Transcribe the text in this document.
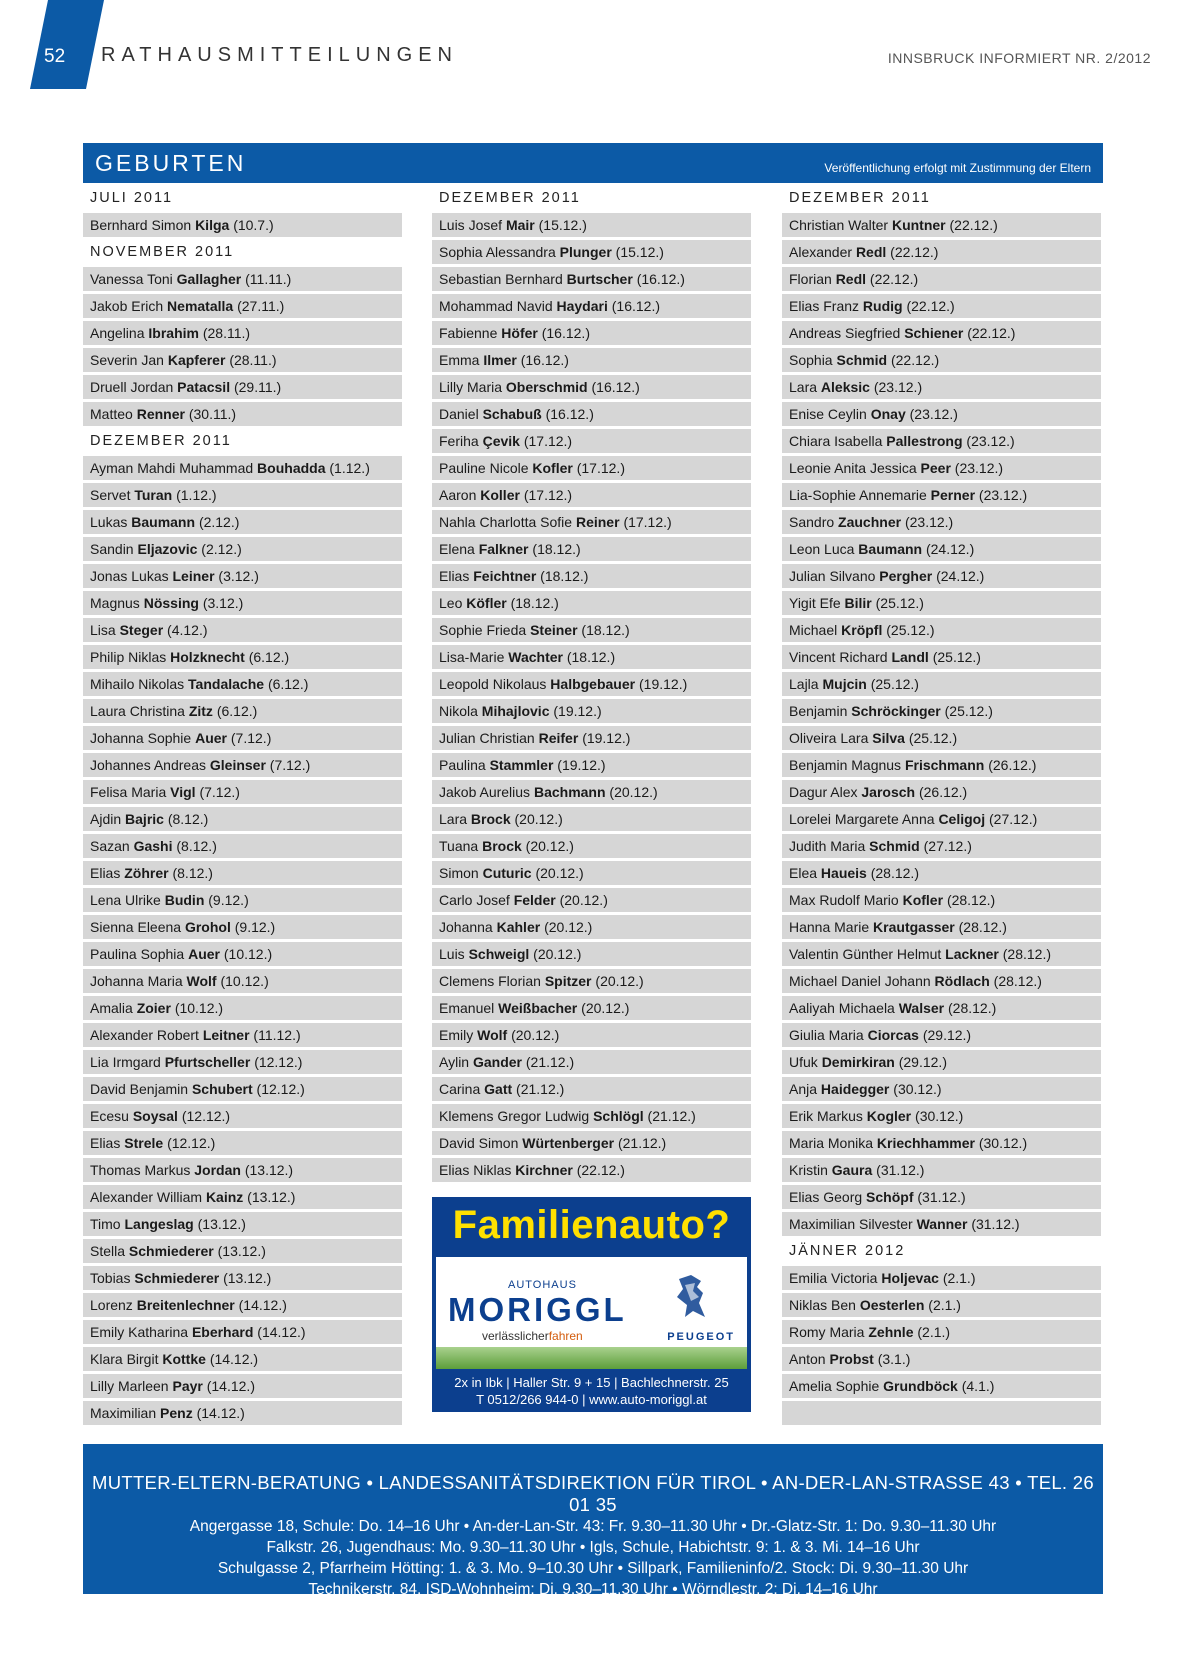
52 RATHAUSMITTEILUNGEN	INNSBRUCK INFORMIERT NR. 2/2012
GEBURTEN	Veröffentlichung erfolgt mit Zustimmung der Eltern
JULI 2011
Bernhard Simon Kilga (10.7.)
NOVEMBER 2011
Vanessa Toni Gallagher (11.11.)
Jakob Erich Nematalla (27.11.)
Angelina Ibrahim (28.11.)
Severin Jan Kapferer (28.11.)
Druell Jordan Patacsil (29.11.)
Matteo Renner (30.11.)
DEZEMBER 2011
Ayman Mahdi Muhammad Bouhadda (1.12.)
Servet Turan (1.12.)
Lukas Baumann (2.12.)
Sandin Eljazovic (2.12.)
Jonas Lukas Leiner (3.12.)
Magnus Nössing (3.12.)
Lisa Steger (4.12.)
Philip Niklas Holzknecht (6.12.)
Mihailo Nikolas Tandalache (6.12.)
Laura Christina Zitz (6.12.)
Johanna Sophie Auer (7.12.)
Johannes Andreas Gleinser (7.12.)
Felisa Maria Vigl (7.12.)
Ajdin Bajric (8.12.)
Sazan Gashi (8.12.)
Elias Zöhrer (8.12.)
Lena Ulrike Budin (9.12.)
Sienna Eleena Grohol (9.12.)
Paulina Sophia Auer (10.12.)
Johanna Maria Wolf (10.12.)
Amalia Zoier (10.12.)
Alexander Robert Leitner (11.12.)
Lia Irmgard Pfurtscheller (12.12.)
David Benjamin Schubert (12.12.)
Ecesu Soysal (12.12.)
Elias Strele (12.12.)
Thomas Markus Jordan (13.12.)
Alexander William Kainz (13.12.)
Timo Langeslag (13.12.)
Stella Schmiederer (13.12.)
Tobias Schmiederer (13.12.)
Lorenz Breitenlechner (14.12.)
Emily Katharina Eberhard (14.12.)
Klara Birgit Kottke (14.12.)
Lilly Marleen Payr (14.12.)
Maximilian Penz (14.12.)
DEZEMBER 2011
Luis Josef Mair (15.12.)
Sophia Alessandra Plunger (15.12.)
Sebastian Bernhard Burtscher (16.12.)
Mohammad Navid Haydari (16.12.)
Fabienne Höfer (16.12.)
Emma Ilmer (16.12.)
Lilly Maria Oberschmid (16.12.)
Daniel Schabuß (16.12.)
Feriha Çevik (17.12.)
Pauline Nicole Kofler (17.12.)
Aaron Koller (17.12.)
Nahla Charlotta Sofie Reiner (17.12.)
Elena Falkner (18.12.)
Elias Feichtner (18.12.)
Leo Köfler (18.12.)
Sophie Frieda Steiner (18.12.)
Lisa-Marie Wachter (18.12.)
Leopold Nikolaus Halbgebauer (19.12.)
Nikola Mihajlovic (19.12.)
Julian Christian Reifer (19.12.)
Paulina Stammler (19.12.)
Jakob Aurelius Bachmann (20.12.)
Lara Brock (20.12.)
Tuana Brock (20.12.)
Simon Cuturic (20.12.)
Carlo Josef Felder (20.12.)
Johanna Kahler (20.12.)
Luis Schweigl (20.12.)
Clemens Florian Spitzer (20.12.)
Emanuel Weißbacher (20.12.)
Emily Wolf (20.12.)
Aylin Gander (21.12.)
Carina Gatt (21.12.)
Klemens Gregor Ludwig Schlögl (21.12.)
David Simon Würtenberger (21.12.)
Elias Niklas Kirchner (22.12.)
DEZEMBER 2011
Christian Walter Kuntner (22.12.)
Alexander Redl (22.12.)
Florian Redl (22.12.)
Elias Franz Rudig (22.12.)
Andreas Siegfried Schiener (22.12.)
Sophia Schmid (22.12.)
Lara Aleksic (23.12.)
Enise Ceylin Onay (23.12.)
Chiara Isabella Pallestrong (23.12.)
Leonie Anita Jessica Peer (23.12.)
Lia-Sophie Annemarie Perner (23.12.)
Sandro Zauchner (23.12.)
Leon Luca Baumann (24.12.)
Julian Silvano Pergher (24.12.)
Yigit Efe Bilir (25.12.)
Michael Kröpfl (25.12.)
Vincent Richard Landl (25.12.)
Lajla Mujcin (25.12.)
Benjamin Schröckinger (25.12.)
Oliveira Lara Silva (25.12.)
Benjamin Magnus Frischmann (26.12.)
Dagur Alex Jarosch (26.12.)
Lorelei Margarete Anna Celigoj (27.12.)
Judith Maria Schmid (27.12.)
Elea Haueis (28.12.)
Max Rudolf Mario Kofler (28.12.)
Hanna Marie Krautgasser (28.12.)
Valentin Günther Helmut Lackner (28.12.)
Michael Daniel Johann Rödlach (28.12.)
Aaliyah Michaela Walser (28.12.)
Giulia Maria Ciorcas (29.12.)
Ufuk Demirkiran (29.12.)
Anja Haidegger (30.12.)
Erik Markus Kogler (30.12.)
Maria Monika Kriechhammer (30.12.)
Kristin Gaura (31.12.)
Elias Georg Schöpf (31.12.)
Maximilian Silvester Wanner (31.12.)
JÄNNER 2012
Emilia Victoria Holjevac (2.1.)
Niklas Ben Oesterlen (2.1.)
Romy Maria Zehnle (2.1.)
Anton Probst (3.1.)
Amelia Sophie Grundböck (4.1.)
Familienauto?
AUTOHAUS
MORIGGL
verlässlicherfahren	PEUGEOT
2x in Ibk | Haller Str. 9 + 15 | Bachlechnerstr. 25
T 0512/266 944-0 | www.auto-moriggl.at
MUTTER-ELTERN-BERATUNG • LANDESSANITÄTSDIREKTION FÜR TIROL • AN-DER-LAN-STRASSE 43 • TEL. 26 01 35
Angergasse 18, Schule: Do. 14–16 Uhr • An-der-Lan-Str. 43: Fr. 9.30–11.30 Uhr • Dr.-Glatz-Str. 1: Do. 9.30–11.30 Uhr
Falkstr. 26, Jugendhaus: Mo. 9.30–11.30 Uhr • Igls, Schule, Habichtstr. 9: 1. & 3. Mi. 14–16 Uhr
Schulgasse 2, Pfarrheim Hötting: 1. & 3. Mo. 9–10.30 Uhr • Sillpark, Familieninfo/2. Stock: Di. 9.30–11.30 Uhr
Technikerstr. 84, ISD-Wohnheim: Di. 9.30–11.30 Uhr • Wörndlestr. 2: Di. 14–16 Uhr
